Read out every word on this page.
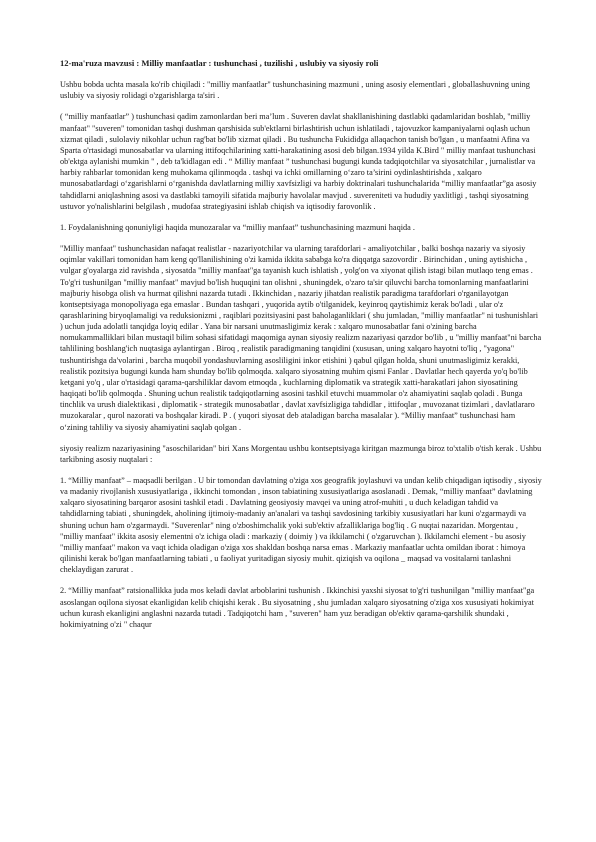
12-ma'ruza mavzusi : Milliy manfaatlar : tushunchasi , tuzilishi , uslubiy va siyosiy roli

Ushbu bobda uchta masala ko'rib chiqiladi : "milliy manfaatlar" tushunchasining mazmuni , uning asosiy elementlari , globallashuvning uning uslubiy va siyosiy rolidagi o'zgarishlarga ta'siri .

( “milliy manfaatlar” ) tushunchasi qadim zamonlardan beri ma’lum . Suveren davlat shakllanishining dastlabki qadamlaridan boshlab, "milliy manfaat" "suveren" tomonidan tashqi dushman qarshisida sub'ektlarni birlashtirish uchun ishlatiladi , tajovuzkor kampaniyalarni oqlash uchun xizmat qiladi , sulolaviy nikohlar uchun rag'bat bo'lib xizmat qiladi . Bu tushuncha Fukididga allaqachon tanish bo'lgan , u manfaatni Afina va Sparta o'rtasidagi munosabatlar va ularning ittifoqchilarining xatti-harakatining asosi deb bilgan.1934 yilda K.Bird " milliy manfaat tushunchasi ob'ektga aylanishi mumkin " , deb ta'kidlagan edi . “ Milliy manfaat ” tushunchasi bugungi kunda tadqiqotchilar va siyosatchilar , jurnalistlar va harbiy rahbarlar tomonidan keng muhokama qilinmoqda . tashqi va ichki omillarning o‘zaro ta’sirini oydinlashtirishda , xalqaro munosabatlardagi o‘zgarishlarni o‘rganishda davlatlarning milliy xavfsizligi va harbiy doktrinalari tushunchalarida “milliy manfaatlar”ga asosiy tahdidlarni aniqlashning asosi va dastlabki tamoyili sifatida majburiy havolalar mavjud . suvereniteti va hududiy yaxlitligi , tashqi siyosatning ustuvor yo'nalishlarini belgilash , mudofaa strategiyasini ishlab chiqish va iqtisodiy farovonlik .

1. Foydalanishning qonuniyligi haqida munozaralar va “milliy manfaat” tushunchasining mazmuni haqida .

"Milliy manfaat" tushunchasidan nafaqat realistlar - nazariyotchilar va ularning tarafdorlari - amaliyotchilar , balki boshqa nazariy va siyosiy oqimlar vakillari tomonidan ham keng qo'llanilishining o'zi kamida ikkita sababga ko'ra diqqatga sazovordir . Birinchidan , uning aytishicha , vulgar g'oyalarga zid ravishda , siyosatda "milliy manfaat"ga tayanish kuch ishlatish , yolg'on va xiyonat qilish istagi bilan mutlaqo teng emas . To'g'ri tushunilgan "milliy manfaat" mavjud bo'lish huquqini tan olishni , shuningdek, o'zaro ta'sir qiluvchi barcha tomonlarning manfaatlarini majburiy hisobga olish va hurmat qilishni nazarda tutadi . Ikkinchidan , nazariy jihatdan realistik paradigma tarafdorlari o'rganilayotgan kontseptsiyaga monopoliyaga ega emaslar . Bundan tashqari , yuqorida aytib o'tilganidek, keyinroq qaytishimiz kerak bo'ladi , ular o'z qarashlarining biryoqlamaligi va reduksionizmi , raqiblari pozitsiyasini past baholaganliklari ( shu jumladan, "milliy manfaatlar" ni tushunishlari ) uchun juda adolatli tanqidga loyiq edilar . Yana bir narsani unutmasligimiz kerak : xalqaro munosabatlar fani o'zining barcha nomukammalliklari bilan mustaqil bilim sohasi sifatidagi maqomiga aynan siyosiy realizm nazariyasi qarzdor bo'lib , u "milliy manfaat"ni barcha tahlilining boshlang'ich nuqtasiga aylantirgan . Biroq , realistik paradigmaning tanqidini (xususan, uning xalqaro hayotni to'liq , "yagona" tushuntirishga da'volarini , barcha muqobil yondashuvlarning asosliligini inkor etishini ) qabul qilgan holda, shuni unutmasligimiz kerakki, realistik pozitsiya bugungi kunda ham shunday bo'lib qolmoqda. xalqaro siyosatning muhim qismi Fanlar . Davlatlar hech qayerda yo'q bo'lib ketgani yo'q , ular o'rtasidagi qarama-qarshiliklar davom etmoqda , kuchlarning diplomatik va strategik xatti-harakatlari jahon siyosatining haqiqati bo'lib qolmoqda . Shuning uchun realistik tadqiqotlarning asosini tashkil etuvchi muammolar o'z ahamiyatini saqlab qoladi . Bunga tinchlik va urush dialektikasi , diplomatik - strategik munosabatlar , davlat xavfsizligiga tahdidlar , ittifoqlar , muvozanat tizimlari , davlatlararo muzokaralar , qurol nazorati va boshqalar kiradi. P . ( yuqori siyosat deb ataladigan barcha masalalar ). “Milliy manfaat” tushunchasi ham o‘zining tahliliy va siyosiy ahamiyatini saqlab qolgan .

siyosiy realizm nazariyasining "asoschilaridan" biri Xans Morgentau ushbu kontseptsiyaga kiritgan mazmunga biroz to'xtalib o'tish kerak . Ushbu tarkibning asosiy nuqtalari :

1. “Milliy manfaat” – maqsadli berilgan . U bir tomondan davlatning o'ziga xos geografik joylashuvi va undan kelib chiqadigan iqtisodiy , siyosiy va madaniy rivojlanish xususiyatlariga , ikkinchi tomondan , inson tabiatining xususiyatlariga asoslanadi . Demak, “milliy manfaat” davlatning xalqaro siyosatining barqaror asosini tashkil etadi . Davlatning geosiyosiy mavqei va uning atrof-muhiti , u duch keladigan tahdid va tahdidlarning tabiati , shuningdek, aholining ijtimoiy-madaniy an'analari va tashqi savdosining tarkibiy xususiyatlari har kuni o'zgarmaydi va shuning uchun ham o'zgarmaydi. "Suverenlar" ning o'zboshimchalik yoki sub'ektiv afzalliklariga bog'liq . G nuqtai nazaridan. Morgentau , "milliy manfaat" ikkita asosiy elementni o'z ichiga oladi : markaziy ( doimiy ) va ikkilamchi ( o'zgaruvchan ). Ikkilamchi element - bu asosiy "milliy manfaat" makon va vaqt ichida oladigan o'ziga xos shakldan boshqa narsa emas . Markaziy manfaatlar uchta omildan iborat : himoya qilinishi kerak bo'lgan manfaatlarning tabiati , u faoliyat yuritadigan siyosiy muhit. qiziqish va oqilona _ maqsad va vositalarni tanlashni cheklaydigan zarurat .

2. “Milliy manfaat” ratsionallikka juda mos keladi davlat arboblarini tushunish . Ikkinchisi yaxshi siyosat to'g'ri tushunilgan "milliy manfaat"ga asoslangan oqilona siyosat ekanligidan kelib chiqishi kerak . Bu siyosatning , shu jumladan xalqaro siyosatning o'ziga xos xususiyati hokimiyat uchun kurash ekanligini anglashni nazarda tutadi . Tadqiqotchi ham , "suveren" ham yuz beradigan ob'ektiv qarama-qarshilik shundaki , hokimiyatning o'zi " chaqur
